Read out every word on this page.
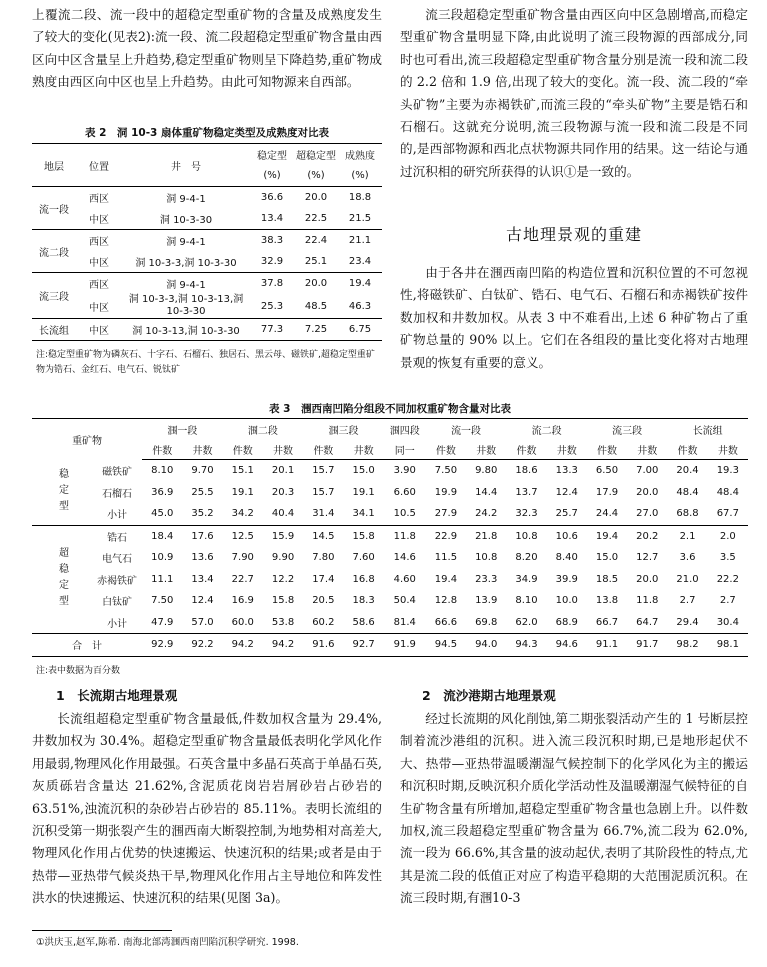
上覆流二段、流一段中的超稳定型重矿物的含量及成熟度发生了较大的变化(见表2):流一段、流二段超稳定型重矿物含量由西区向中区含量呈上升趋势,稳定型重矿物则呈下降趋势,重矿物成熟度由西区向中区也呈上升趋势。由此可知物源来自西部。

表 2　洞 10-3 扇体重矿物稳定类型及成熟度对比表
地层	位置	井　号	稳定型	超稳定型	成熟度
			(%)	(%)	(%)
流一段	西区	洞 9-4-1	36.6	20.0	18.8
	中区	洞 10-3-30	13.4	22.5	21.5
流二段	西区	洞 9-4-1	38.3	22.4	21.1
	中区	洞 10-3-3,洞 10-3-30	32.9	25.1	23.4
流三段	西区	洞 9-4-1	37.8	20.0	19.4
	中区	洞 10-3-3,洞 10-3-13,洞 10-3-30	25.3	48.5	46.3
长流组	中区	洞 10-3-13,洞 10-3-30	77.3	7.25	6.75
注:稳定型重矿物为磷灰石、十字石、石榴石、独居石、黑云母、磁铁矿,超稳定型重矿物为锆石、金红石、电气石、锐钛矿

流三段超稳定型重矿物含量由西区向中区急剧增高,而稳定型重矿物含量明显下降,由此说明了流三段物源的西部成分,同时也可看出,流三段超稳定型重矿物含量分别是流一段和流二段的 2.2 倍和 1.9 倍,出现了较大的变化。流一段、流二段的“牵头矿物”主要为赤褐铁矿,而流三段的“牵头矿物”主要是锆石和石榴石。这就充分说明,流三段物源与流一段和流二段是不同的,是西部物源和西北点状物源共同作用的结果。这一结论与通过沉积相的研究所获得的认识①是一致的。

古地理景观的重建

由于各井在涠西南凹陷的构造位置和沉积位置的不可忽视性,将磁铁矿、白钛矿、锆石、电气石、石榴石和赤褐铁矿按件数加权和井数加权。从表 3 中不难看出,上述 6 种矿物占了重矿物总量的 90% 以上。它们在各组段的量比变化将对古地理景观的恢复有重要的意义。

表 3　涠西南凹陷分组段不同加权重矿物含量对比表
重矿物		涠一段		涠二段		涠三段		涠四段	流一段		流二段		流三段		长流组	
		件数	井数	件数	井数	件数	井数	同一	件数	井数	件数	井数	件数	井数	件数	井数
稳定型	磁铁矿	8.10	9.70	15.1	20.1	15.7	15.0	3.90	7.50	9.80	18.6	13.3	6.50	7.00	20.4	19.3
	石榴石	36.9	25.5	19.1	20.3	15.7	19.1	6.60	19.9	14.4	13.7	12.4	17.9	20.0	48.4	48.4
	小计	45.0	35.2	34.2	40.4	31.4	34.1	10.5	27.9	24.2	32.3	25.7	24.4	27.0	68.8	67.7
超稳定型	锆石	18.4	17.6	12.5	15.9	14.5	15.8	11.8	22.9	21.8	10.8	10.6	19.4	20.2	2.1	2.0
	电气石	10.9	13.6	7.90	9.90	7.80	7.60	14.6	11.5	10.8	8.20	8.40	15.0	12.7	3.6	3.5
	赤褐铁矿	11.1	13.4	22.7	12.2	17.4	16.8	4.60	19.4	23.3	34.9	39.9	18.5	20.0	21.0	22.2
	白钛矿	7.50	12.4	16.9	15.8	20.5	18.3	50.4	12.8	13.9	8.10	10.0	13.8	11.8	2.7	2.7
	小计	47.9	57.0	60.0	53.8	60.2	58.6	81.4	66.6	69.8	62.0	68.9	66.7	64.7	29.4	30.4
合　计		92.9	92.2	94.2	94.2	91.6	92.7	91.9	94.5	94.0	94.3	94.6	91.1	91.7	98.2	98.1
注:表中数据为百分数
1　长流期古地理景观	2　流沙港期古地理景观

长流组超稳定型重矿物含量最低,件数加权含量为 29.4%,井数加权为 30.4%。超稳定型重矿物含量最低表明化学风化作用最弱,物理风化作用最强。石英含量中多晶石英高于单晶石英,灰质砾岩含量达 21.62%,含泥质花岗岩岩屑砂岩占砂岩的 63.51%,浊流沉积的杂砂岩占砂岩的 85.11%。表明长流组的沉积受第一期张裂产生的涠西南大断裂控制,为地势相对高差大,物理风化作用占优势的快速搬运、快速沉积的结果;或者是由于热带—亚热带气候炎热干旱,物理风化作用占主导地位和阵发性洪水的快速搬运、快速沉积的结果(见图 3a)。

经过长流期的风化削蚀,第二期张裂活动产生的 1 号断层控制着流沙港组的沉积。进入流三段沉积时期,已是地形起伏不大、热带—亚热带温暖潮湿气候控制下的化学风化为主的搬运和沉积时期,反映沉积介质化学活动性及温暖潮湿气候特征的自生矿物含量有所增加,超稳定型重矿物含量也急剧上升。以件数加权,流三段超稳定型重矿物含量为 66.7%,流二段为 62.0%,流一段为 66.6%,其含量的波动起伏,表明了其阶段性的特点,尤其是流二段的低值正对应了构造平稳期的大范围泥质沉积。在流三段时期,有涠10-3

①洪庆玉,赵军,陈希. 南海北部湾涠西南凹陷沉积学研究. 1998.
